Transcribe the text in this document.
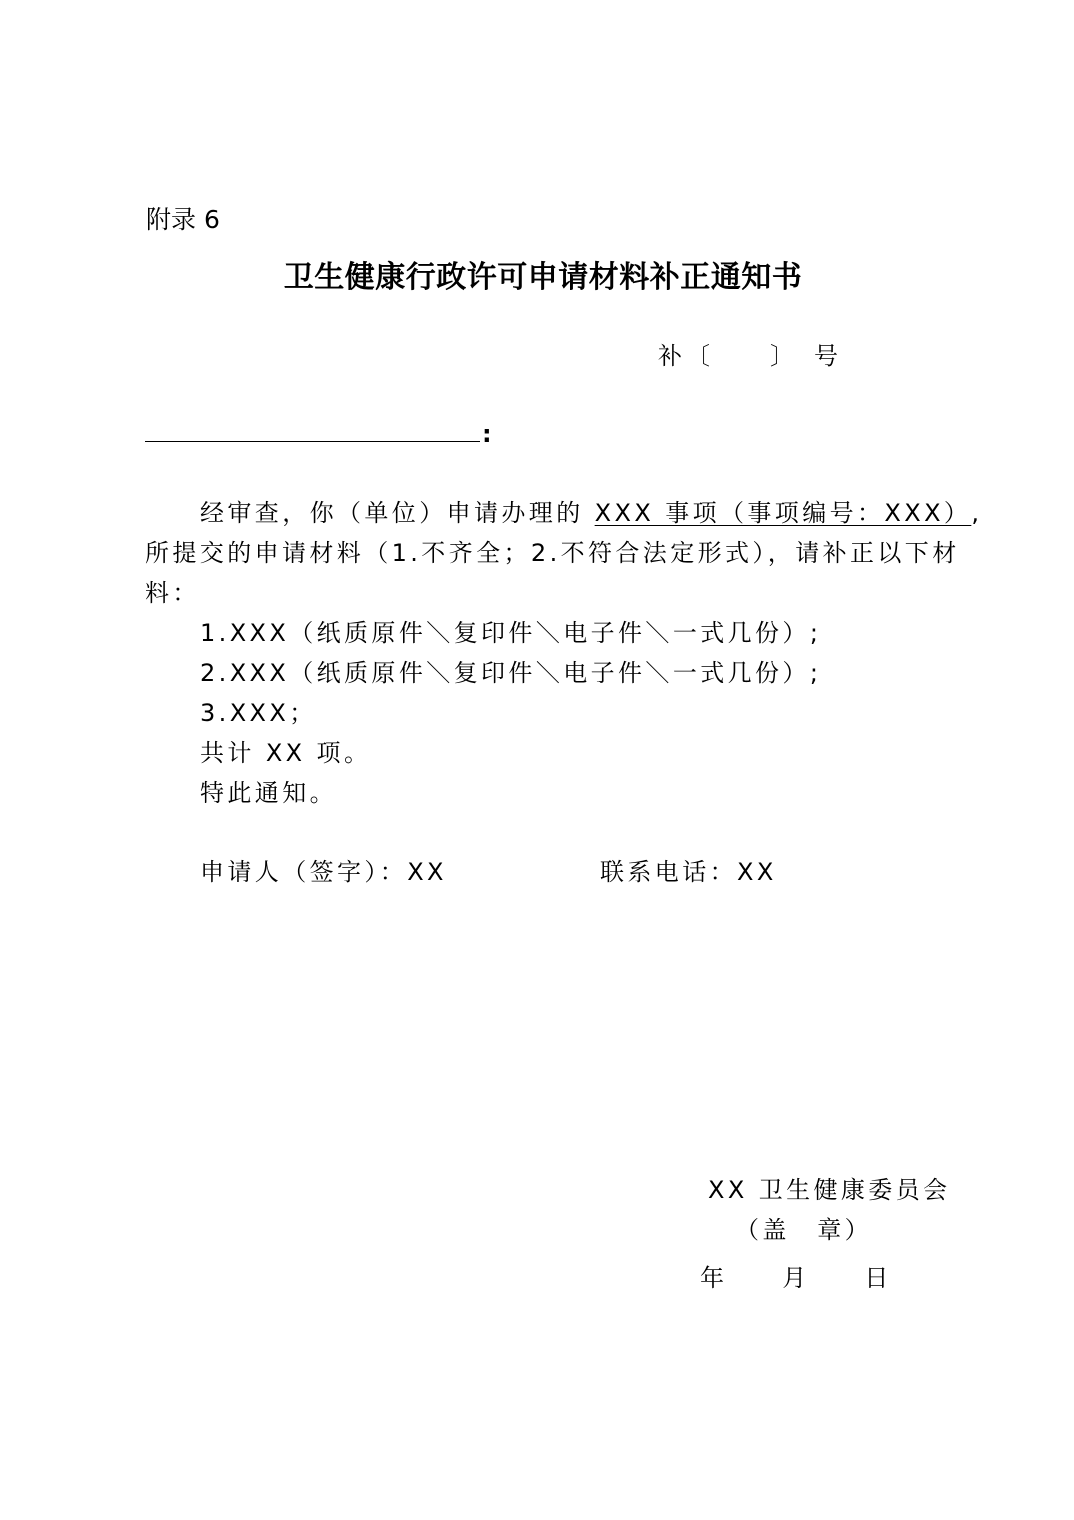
附录 6
卫生健康行政许可申请材料补正通知书
补〔　　〕　号
:
经审查，你（单位）申请办理的 XXX 事项（事项编号：XXX）,
所提交的申请材料（1.不齐全；2.不符合法定形式），请补正以下材
料：
1.XXX（纸质原件＼复印件＼电子件＼一式几份）;
2.XXX（纸质原件＼复印件＼电子件＼一式几份）;
3.XXX；
共计 XX 项。
特此通知。
申请人（签字）：XX	联系电话：XX
XX 卫生健康委员会
（盖　章）
年　　月　　日
